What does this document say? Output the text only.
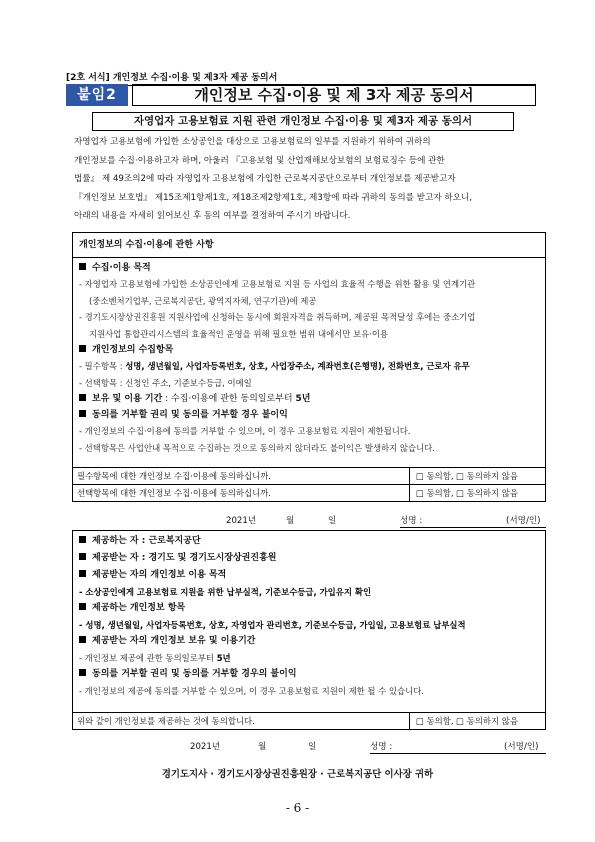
[2호 서식] 개인정보 수집·이용 및 제3자 제공 동의서
붙임2	개인정보 수집·이용 및 제 3자 제공 동의서
자영업자 고용보험료 지원 관련 개인정보 수집·이용 및 제3자 제공 동의서
자영업자 고용보험에 가입한 소상공인을 대상으로 고용보험료의 일부를 지원하기 위하여 귀하의
개인정보를 수집·이용하고자 하며, 아울러 『고용보험 및 산업재해보상보험의 보험료징수 등에 관한
법률』 제 49조의2에 따라 자영업자 고용보험에 가입한 근로복지공단으로부터 개인정보를 제공받고자
『개인정보 보호법』 제15조제1항제1호, 제18조제2항제1호, 제3항에 따라 귀하의 동의를 받고자 하오니,
아래의 내용을 자세히 읽어보신 후 동의 여부를 결정하여 주시기 바랍니다.
개인정보의 수집·이용에 관한 사항
수집·이용 목적
- 자영업자 고용보험에 가입한 소상공인에게 고용보험료 지원 등 사업의 효율적 수행을 위한 활용 및 연계기관
(중소벤처기업부, 근로복지공단, 광역지자체, 연구기관)에 제공
- 경기도시장상권진흥원 지원사업에 신청하는 동시에 회원자격을 취득하며, 제공된 목적달성 후에는 중소기업
지원사업 통합관리시스템의 효율적인 운영을 위해 필요한 범위 내에서만 보유·이용
개인정보의 수집항목
- 필수항목 : 성명, 생년월일, 사업자등록번호, 상호, 사업장주소, 계좌번호(은행명), 전화번호, 근로자 유무
- 선택항목 : 신청인 주소, 기준보수등급, 이메일
보유 및 이용 기간 : 수집·이용에 관한 동의일로부터 5년
동의를 거부할 권리 및 동의를 거부할 경우 불이익
- 개인정보의 수집·이용에 동의를 거부할 수 있으며, 이 경우 고용보험료 지원이 제한됩니다.
- 선택항목은 사업안내 목적으로 수집하는 것으로 동의하지 않더라도 불이익은 발생하지 않습니다.
필수항목에 대한 개인정보 수집·이용에 동의하십니까.	□ 동의함, □ 동의하지 않음
선택항목에 대한 개인정보 수집·이용에 동의하십니까.	□ 동의함, □ 동의하지 않음
2021년	월	일	성명 :	(서명/인)
제공하는 자 : 근로복지공단
제공받는 자 : 경기도 및 경기도시장상권진흥원
제공받는 자의 개인정보 이용 목적
- 소상공인에게 고용보험료 지원을 위한 납부실적, 기준보수등급, 가입유지 확인
제공하는 개인정보 항목
- 성명, 생년월일, 사업자등록번호, 상호, 자영업자 관리번호, 기준보수등급, 가입일, 고용보험료 납부실적
제공받는 자의 개인정보 보유 및 이용기간
- 개인정보 제공에 관한 동의일로부터 5년
동의를 거부할 권리 및 동의를 거부할 경우의 불이익
- 개인정보의 제공에 동의를 거부할 수 있으며, 이 경우 고용보험료 지원이 제한 될 수 있습니다.
위와 같이 개인정보를 제공하는 것에 동의합니다.	□ 동의함, □ 동의하지 않음
2021년	월	일	성명 :	(서명/인)
경기도지사 · 경기도시장상권진흥원장 · 근로복지공단 이사장 귀하
- 6 -
